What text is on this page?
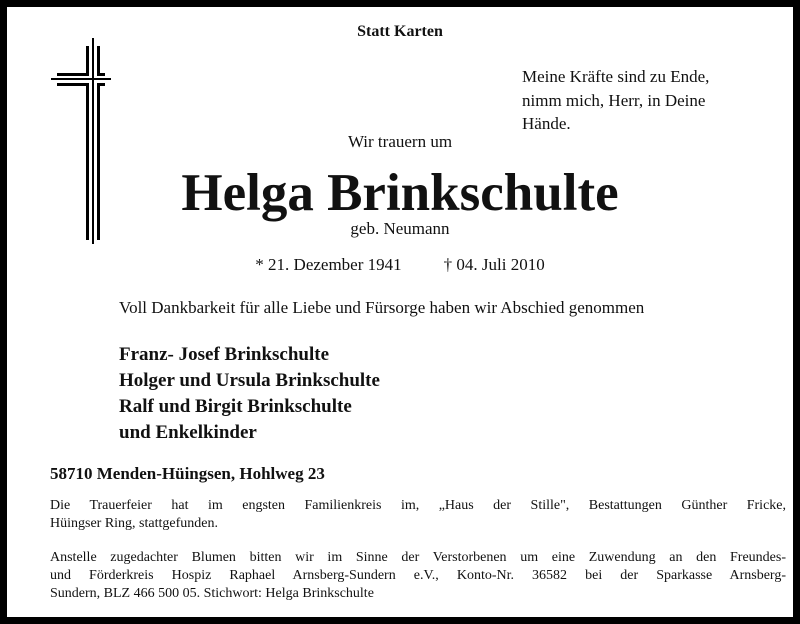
Statt Karten
Meine Kräfte sind zu Ende,
nimm mich, Herr, in Deine
Hände.
Wir trauern um
Helga Brinkschulte
geb. Neumann
* 21. Dezember 1941 † 04. Juli 2010
Voll Dankbarkeit für alle Liebe und Fürsorge haben wir Abschied genommen
Franz- Josef Brinkschulte
Holger und Ursula Brinkschulte
Ralf und Birgit Brinkschulte
und Enkelkinder
58710 Menden-Hüingsen, Hohlweg 23
Die Trauerfeier hat im engsten Familienkreis im, „Haus der Stille", Bestattungen Günther Fricke,
Hüingser Ring, stattgefunden.
Anstelle zugedachter Blumen bitten wir im Sinne der Verstorbenen um eine Zuwendung an den Freundes-
und Förderkreis Hospiz Raphael Arnsberg-Sundern e.V., Konto-Nr. 36582 bei der Sparkasse Arnsberg-
Sundern, BLZ 466 500 05. Stichwort: Helga Brinkschulte
